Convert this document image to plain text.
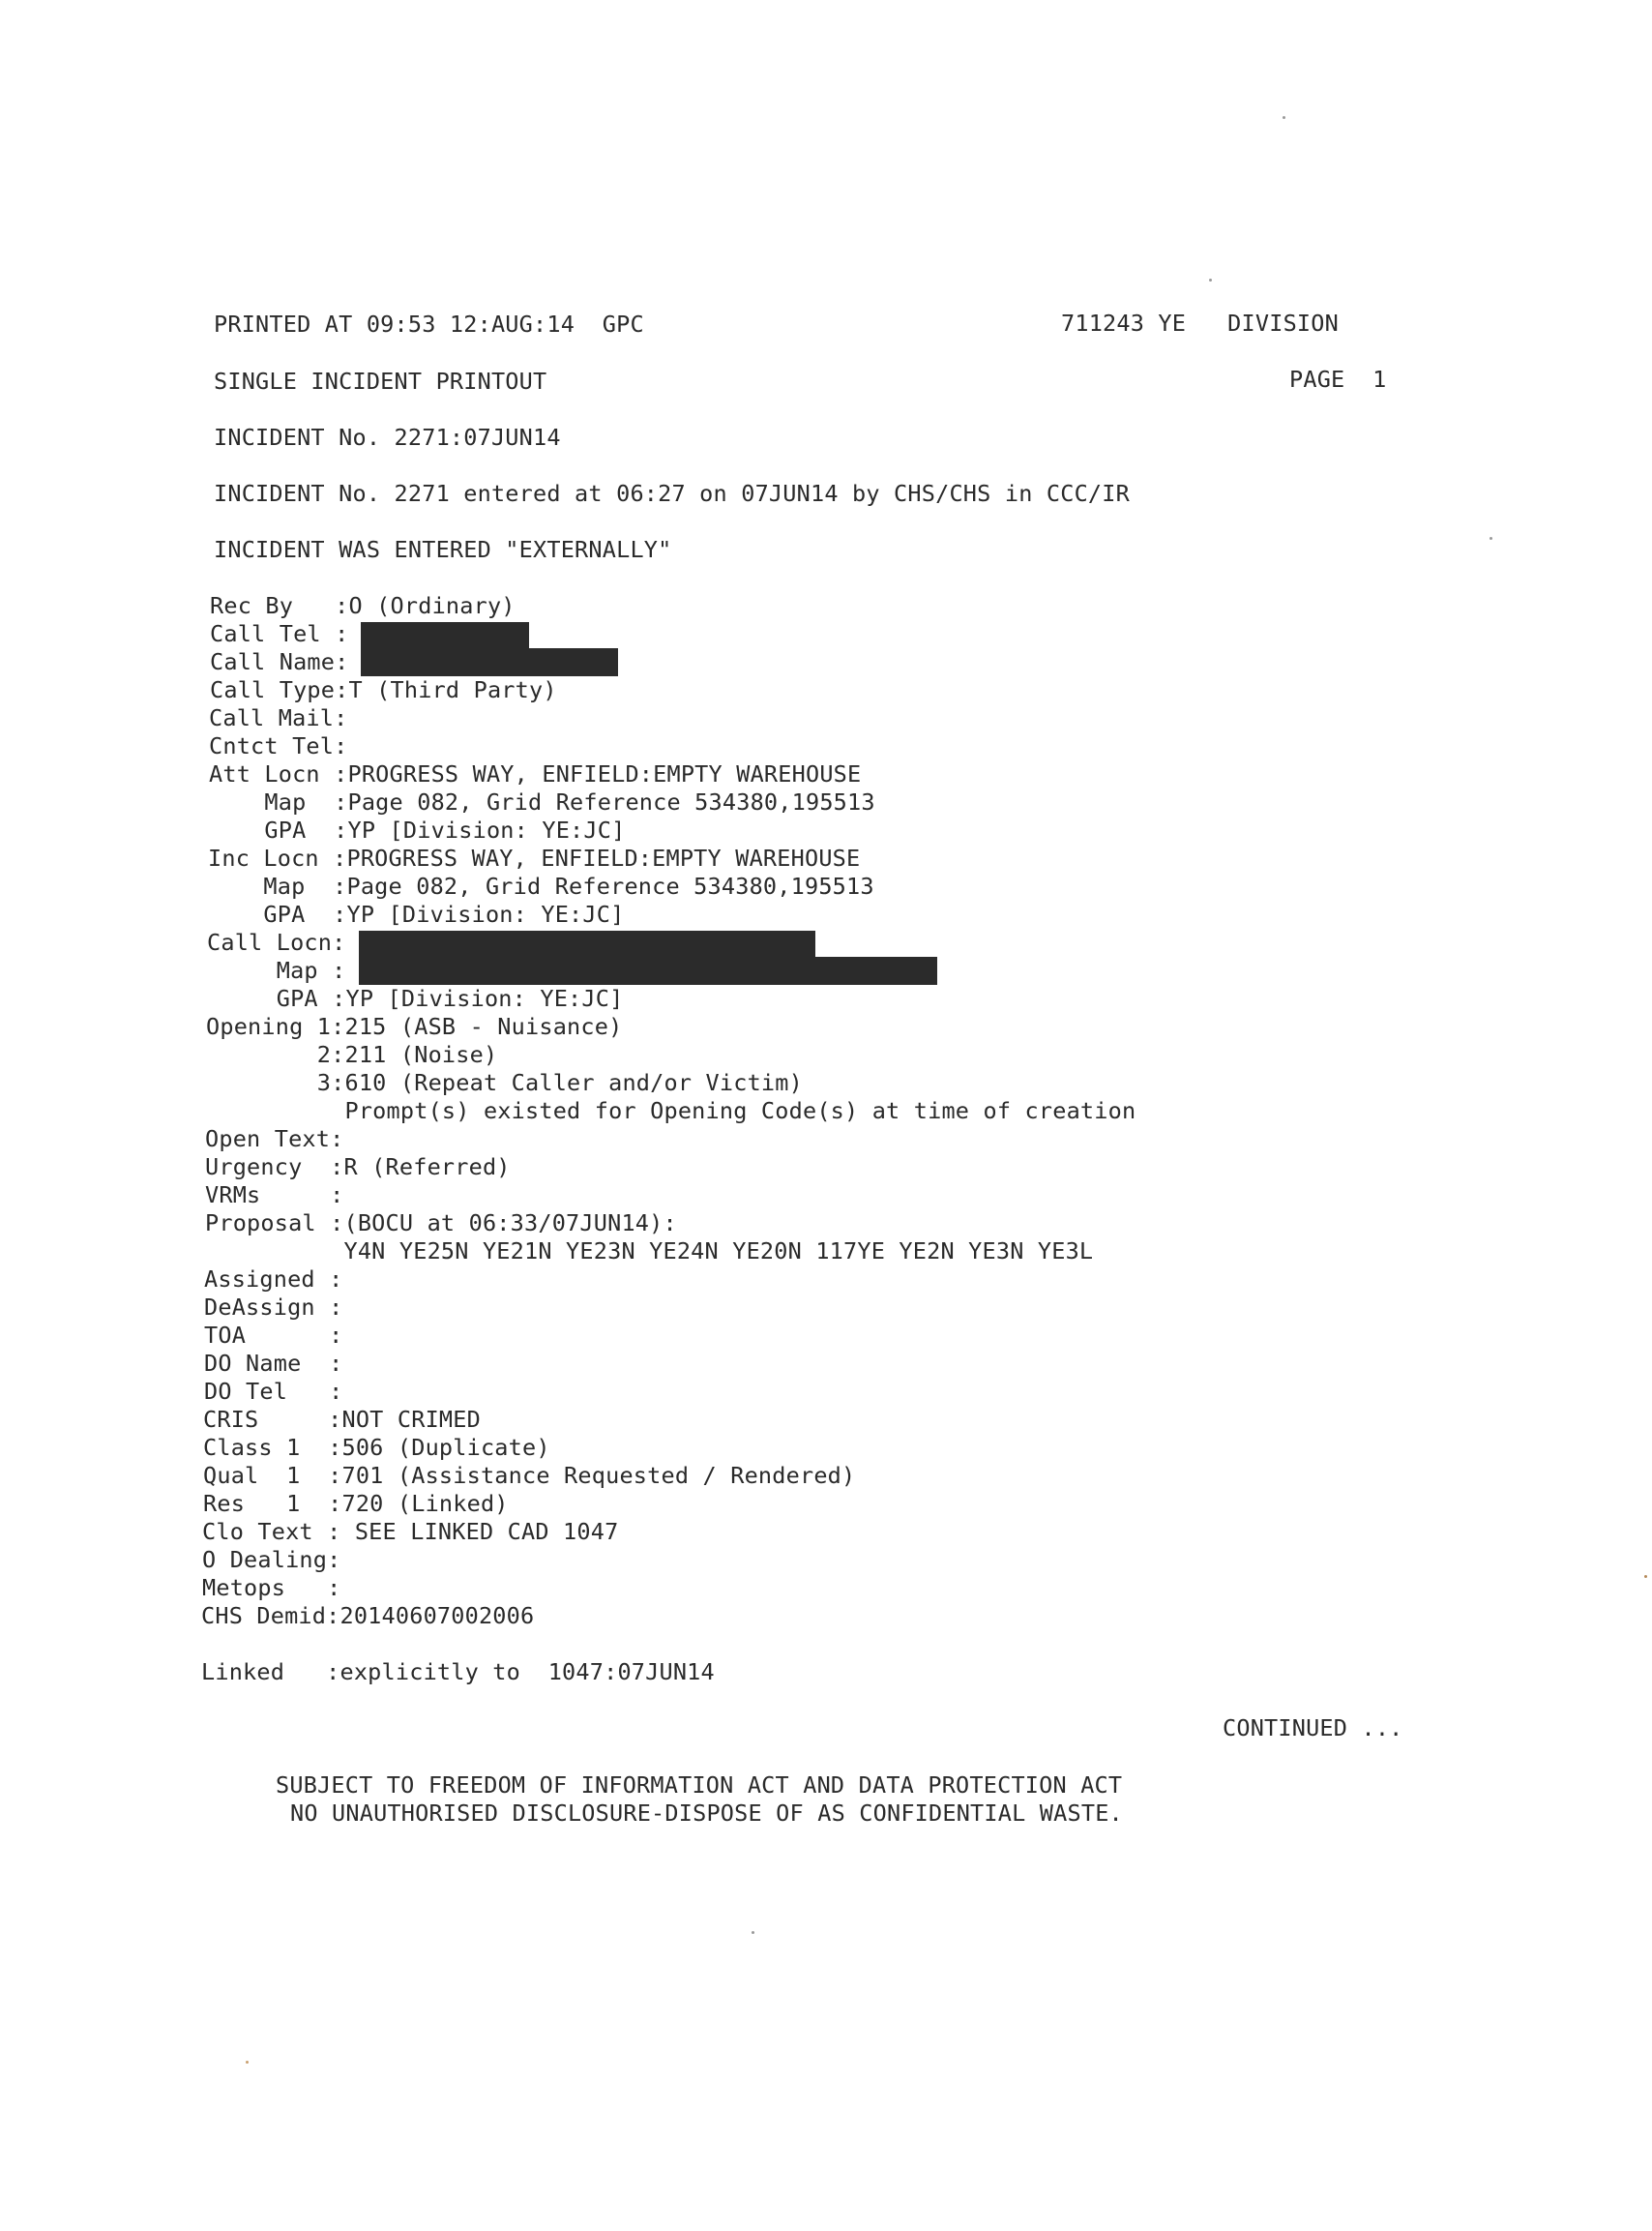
PRINTED AT 09:53 12:AUG:14  GPC	711243 YE   DIVISION
SINGLE INCIDENT PRINTOUT	PAGE  1
INCIDENT No. 2271:07JUN14
INCIDENT No. 2271 entered at 06:27 on 07JUN14 by CHS/CHS in CCC/IR
INCIDENT WAS ENTERED "EXTERNALLY"
Rec By   :O (Ordinary)
Call Tel :
Call Name:
Call Type:T (Third Party)
Call Mail:
Cntct Tel:
Att Locn :PROGRESS WAY, ENFIELD:EMPTY WAREHOUSE
Map  :Page 082, Grid Reference 534380,195513
GPA  :YP [Division: YE:JC]
Inc Locn :PROGRESS WAY, ENFIELD:EMPTY WAREHOUSE
Map  :Page 082, Grid Reference 534380,195513
GPA  :YP [Division: YE:JC]
Call Locn:
Map :
GPA :YP [Division: YE:JC]
Opening 1:215 (ASB - Nuisance)
2:211 (Noise)
3:610 (Repeat Caller and/or Victim)
Prompt(s) existed for Opening Code(s) at time of creation
Open Text:
Urgency  :R (Referred)
VRMs     :
Proposal :(BOCU at 06:33/07JUN14):
Y4N YE25N YE21N YE23N YE24N YE20N 117YE YE2N YE3N YE3L
Assigned :
DeAssign :
TOA      :
DO Name  :
DO Tel   :
CRIS     :NOT CRIMED
Class 1  :506 (Duplicate)
Qual  1  :701 (Assistance Requested / Rendered)
Res   1  :720 (Linked)
Clo Text : SEE LINKED CAD 1047
O Dealing:
Metops   :
CHS Demid:20140607002006
Linked   :explicitly to  1047:07JUN14
CONTINUED ...
SUBJECT TO FREEDOM OF INFORMATION ACT AND DATA PROTECTION ACT
NO UNAUTHORISED DISCLOSURE-DISPOSE OF AS CONFIDENTIAL WASTE.
